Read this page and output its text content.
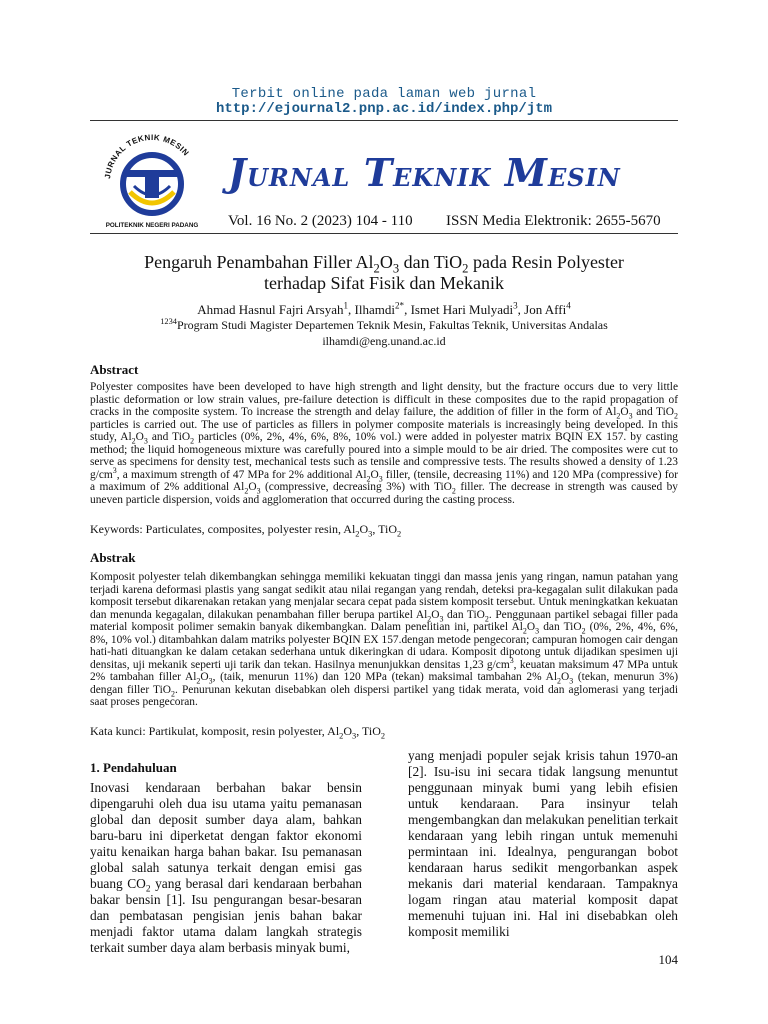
Terbit online pada laman web jurnal
http://ejournal2.pnp.ac.id/index.php/jtm
JURNAL TEKNIK MESIN
POLITEKNIK NEGERI PADANG
JURNAL TEKNIK MESIN
Vol. 16 No. 2 (2023) 104 - 110 ISSN Media Elektronik: 2655-5670
Pengaruh Penambahan Filler $Al_2O_3$ dan TiO$_2$ pada Resin Polyester
terhadap Sifat Fisik dan Mekanik
Ahmad Hasnul Fajri Arsyah$^1$, Ilhamdi$^{2*}$, Ismet Hari Mulyadi$^3$, Jon Affi$^4$
$^{1234}$Program Studi Magister Departemen Teknik Mesin, Fakultas Teknik, Universitas Andalas
ilhamdi@eng.unand.ac.id
Abstract
Polyester composites have been developed to have high strength and light density, but the fracture occurs due to very little plastic deformation or low strain values, pre-failure detection is difficult in these composites due to the rapid propagation of cracks in the composite system. To increase the strength and delay failure, the addition of filler in the form of $Al_2O_3$ and TiO$_2$ particles is carried out. The use of particles as fillers in polymer composite materials is increasingly being developed. In this study, $Al_2O_3$ and TiO$_2$ particles (0%, 2%, 4%, 6%, 8%, 10% vol.) were added in polyester matrix BQIN EX 157. by casting method; the liquid homogeneous mixture was carefully poured into a simple mould to be air dried. The composites were cut to serve as specimens for density test, mechanical tests such as tensile and compressive tests. The results showed a density of 1.23 $g/cm^3$, a maximum strength of 47 MPa for 2% additional $Al_2O_3$ filler, (tensile, decreasing 11%) and 120 MPa (compressive) for a maximum of 2% additional $Al_2O_3$ (compressive, decreasing 3%) with TiO$_2$ filler. The decrease in strength was caused by uneven particle dispersion, voids and agglomeration that occurred during the casting process.
Keywords: Particulates, composites, polyester resin, $Al_2O_3$, TiO$_2$
Abstrak
Komposit polyester telah dikembangkan sehingga memiliki kekuatan tinggi dan massa jenis yang ringan, namun patahan yang terjadi karena deformasi plastis yang sangat sedikit atau nilai regangan yang rendah, deteksi pra-kegagalan sulit dilakukan pada komposit tersebut dikarenakan retakan yang menjalar secara cepat pada sistem komposit tersebut. Untuk meningkatkan kekuatan dan menunda kegagalan, dilakukan penambahan filler berupa partikel $Al_2O_3$ dan TiO$_2$. Penggunaan partikel sebagai filler pada material komposit polimer semakin banyak dikembangkan. Dalam penelitian ini, partikel $Al_2O_3$ dan TiO$_2$ (0%, 2%, 4%, 6%, 8%, 10% vol.) ditambahkan dalam matriks polyester BQIN EX 157.dengan metode pengecoran; campuran homogen cair dengan hati-hati dituangkan ke dalam cetakan sederhana untuk dikeringkan di udara. Komposit dipotong untuk dijadikan spesimen uji densitas, uji mekanik seperti uji tarik dan tekan. Hasilnya menunjukkan densitas 1,23 $g/cm^3$, keuatan maksimum 47 MPa untuk 2% tambahan filler $Al_2O_3$, (taik, menurun 11%) dan 120 MPa (tekan) maksimal tambahan 2% $Al_2O_3$ (tekan, menurun 3%) dengan filler TiO$_2$. Penurunan kekutan disebabkan oleh dispersi partikel yang tidak merata, void dan aglomerasi yang terjadi saat proses pengecoran.
Kata kunci: Partikulat, komposit, resin polyester, $Al_2O_3$, TiO$_2$
1. Pendahuluan
Inovasi kendaraan berbahan bakar bensin dipengaruhi oleh dua isu utama yaitu pemanasan global dan deposit sumber daya alam, bahkan baru-baru ini diperketat dengan faktor ekonomi yaitu kenaikan harga bahan bakar. Isu pemanasan global salah satunya terkait dengan emisi gas buang $CO_2$ yang berasal dari kendaraan berbahan bakar bensin [1]. Isu pengurangan besar-besaran dan pembatasan pengisian jenis bahan bakar menjadi faktor utama dalam langkah strategis terkait sumber daya alam berbasis minyak bumi,
yang menjadi populer sejak krisis tahun 1970-an [2]. Isu-isu ini secara tidak langsung menuntut penggunaan minyak bumi yang lebih efisien untuk kendaraan. Para insinyur telah mengembangkan dan melakukan penelitian terkait kendaraan yang lebih ringan untuk memenuhi permintaan ini. Idealnya, pengurangan bobot kendaraan harus sedikit mengorbankan aspek mekanis dari material kendaraan. Tampaknya logam ringan atau material komposit dapat memenuhi tujuan ini. Hal ini disebabkan oleh komposit memiliki
104
